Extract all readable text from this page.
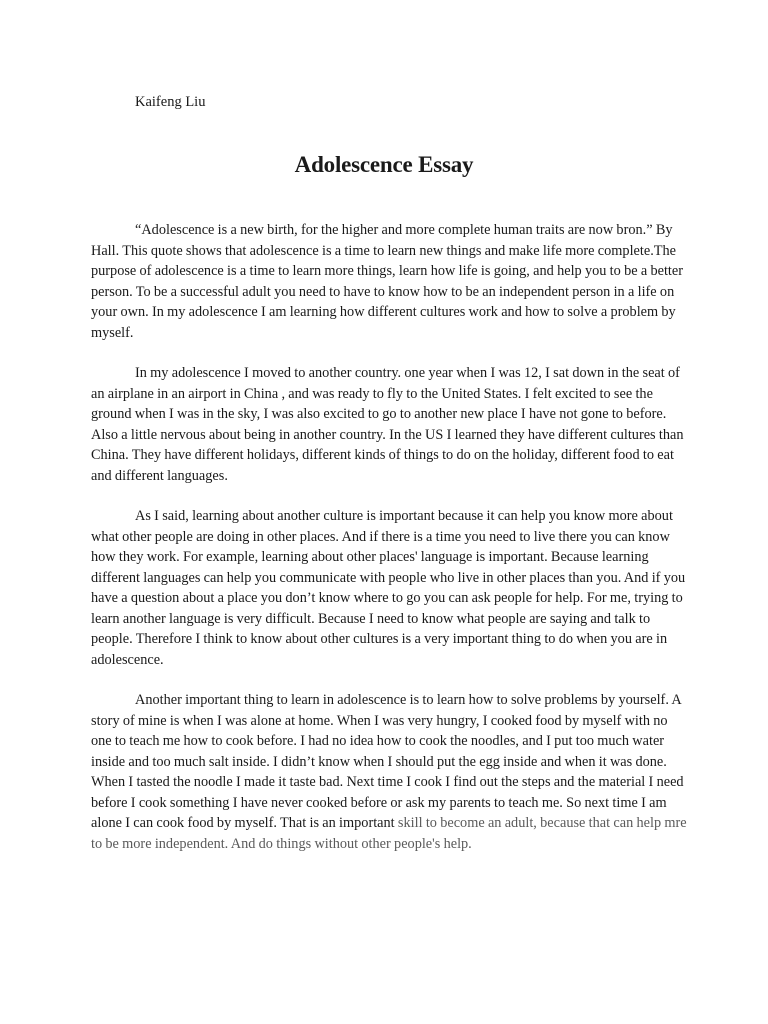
Kaifeng Liu

Adolescence Essay

“Adolescence is a new birth, for the higher and more complete human traits are now bron.” By Hall. This quote shows that adolescence is a time to learn new things and make life more complete.The purpose of adolescence is a time to learn more things, learn how life is going, and help you to be a better person. To be a successful adult you need to have to know how to be an independent person in a life on your own. In my adolescence I am learning how different cultures work and how to solve a problem by myself.

In my adolescence I moved to another country. one year when I was 12, I sat down in the seat of an airplane in an airport in China , and was ready to fly to the United States. I felt excited to see the ground when I was in the sky, I was also excited to go to another new place I have not gone to before. Also a little nervous about being in another country. In the US I learned they have different cultures than China. They have different holidays, different kinds of things to do on the holiday, different food to eat and different languages.

As I said, learning about another culture is important because it can help you know more about what other people are doing in other places. And if there is a time you need to live there you can know how they work. For example, learning about other places' language is important. Because learning different languages can help you communicate with people who live in other places than you. And if you have a question about a place you don’t know where to go you can ask people for help. For me, trying to learn another language is very difficult. Because I need to know what people are saying and talk to people. Therefore I think to know about other cultures is a very important thing to do when you are in adolescence.

Another important thing to learn in adolescence is to learn how to solve problems by yourself. A story of mine is when I was alone at home. When I was very hungry, I cooked food by myself with no one to teach me how to cook before. I had no idea how to cook the noodles, and I put too much water inside and too much salt inside. I didn’t know when I should put the egg inside and when it was done. When I tasted the noodle I made it taste bad. Next time I cook I find out the steps and the material I need before I cook something I have never cooked before or ask my parents to teach me. So next time I am alone I can cook food by myself. That is an important skill to become an adult, because that can help mre to be more independent. And do things without other people's help.
